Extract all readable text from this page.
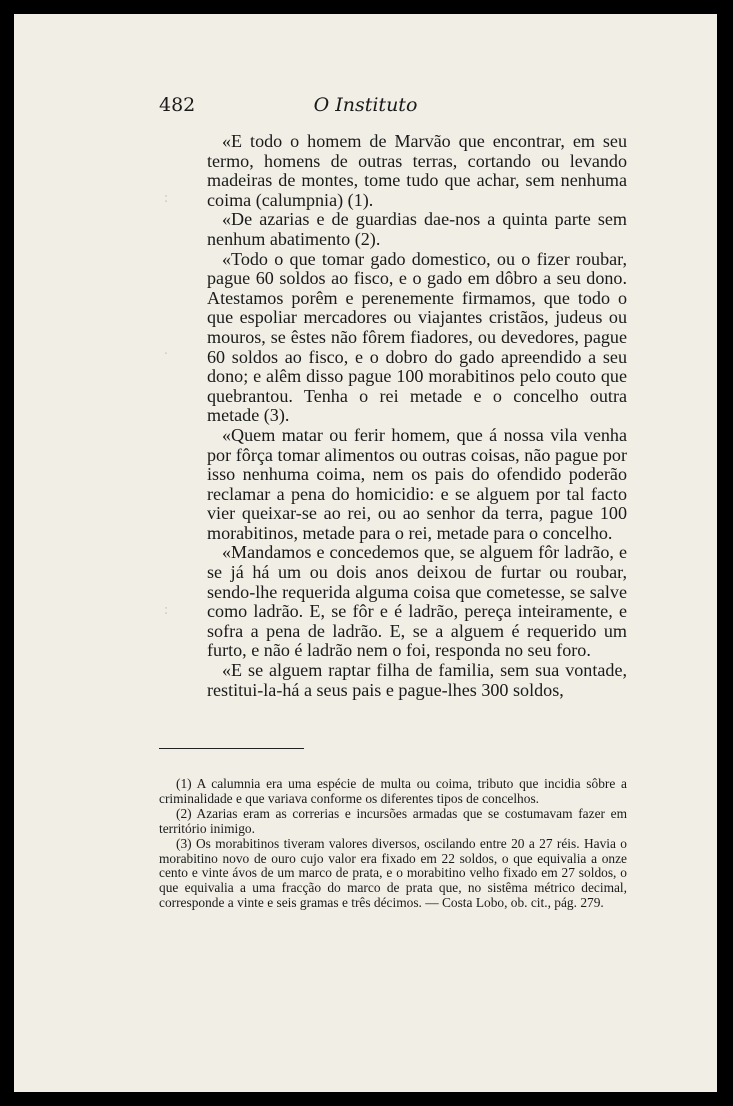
:
.
:
482	O Instituto

«E todo o homem de Marvão que encontrar, em seu termo, homens de outras terras, cortando ou levando madeiras de montes, tome tudo que achar, sem nenhuma coima (calumpnia) (1).

«De azarias e de guardias dae-nos a quinta parte sem nenhum abatimento (2).

«Todo o que tomar gado domestico, ou o fizer roubar, pague 60 soldos ao fisco, e o gado em dôbro a seu dono. Atestamos porêm e perenemente firmamos, que todo o que espoliar mercadores ou viajantes cristãos, judeus ou mouros, se êstes não fôrem fiadores, ou devedores, pague 60 soldos ao fisco, e o dobro do gado apreendido a seu dono; e alêm disso pague 100 morabitinos pelo couto que quebrantou. Tenha o rei metade e o concelho outra metade (3).

«Quem matar ou ferir homem, que á nossa vila venha por fôrça tomar alimentos ou outras coisas, não pague por isso nenhuma coima, nem os pais do ofendido poderão reclamar a pena do homicidio: e se alguem por tal facto vier queixar-se ao rei, ou ao senhor da terra, pague 100 morabitinos, metade para o rei, metade para o concelho.

«Mandamos e concedemos que, se alguem fôr ladrão, e se já há um ou dois anos deixou de furtar ou roubar, sendo-lhe requerida alguma coisa que cometesse, se salve como ladrão. E, se fôr e é ladrão, pereça inteiramente, e sofra a pena de ladrão. E, se a alguem é requerido um furto, e não é ladrão nem o foi, responda no seu foro.

«E se alguem raptar filha de familia, sem sua vontade, restitui-la-há a seus pais e pague-lhes 300 soldos,

(1) A calumnia era uma espécie de multa ou coima, tributo que incidia sôbre a criminalidade e que variava conforme os diferentes tipos de concelhos.

(2) Azarias eram as correrias e incursões armadas que se costumavam fazer em território inimigo.

(3) Os morabitinos tiveram valores diversos, oscilando entre 20 a 27 réis. Havia o morabitino novo de ouro cujo valor era fixado em 22 soldos, o que equivalia a onze cento e vinte ávos de um marco de prata, e o morabitino velho fixado em 27 soldos, o que equivalia a uma fracção do marco de prata que, no sistêma métrico decimal, corresponde a vinte e seis gramas e três décimos. — Costa Lobo, ob. cit., pág. 279.
